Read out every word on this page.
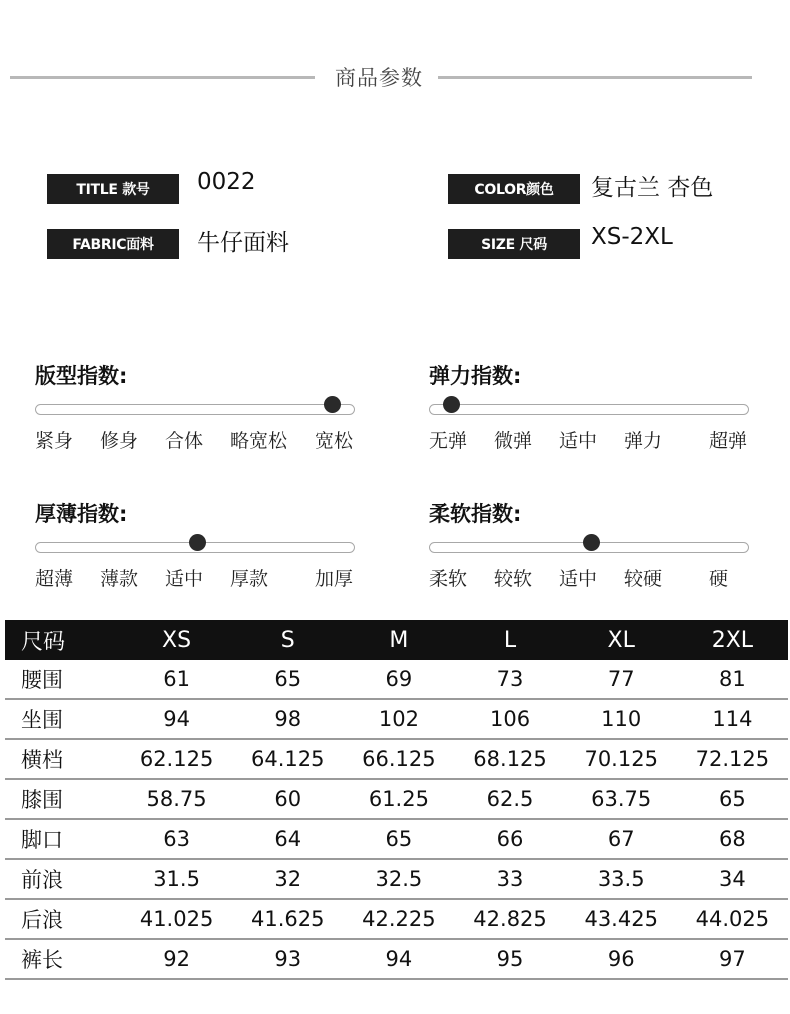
商品参数
TITLE 款号	0022	COLOR颜色	复古兰 杏色
FABRIC面料	牛仔面料	SIZE 尺码	XS-2XL
版型指数:
紧身 修身 合体 略宽松 宽松
弹力指数:
无弹 微弹 适中 弹力 超弹
厚薄指数:
超薄 薄款 适中 厚款 加厚
柔软指数:
柔软 较软 适中 较硬 硬
尺码	XS	S	M	L	XL	2XL
腰围	61	65	69	73	77	81
坐围	94	98	102	106	110	114
横档	62.125	64.125	66.125	68.125	70.125	72.125
膝围	58.75	60	61.25	62.5	63.75	65
脚口	63	64	65	66	67	68
前浪	31.5	32	32.5	33	33.5	34
后浪	41.025	41.625	42.225	42.825	43.425	44.025
裤长	92	93	94	95	96	97
